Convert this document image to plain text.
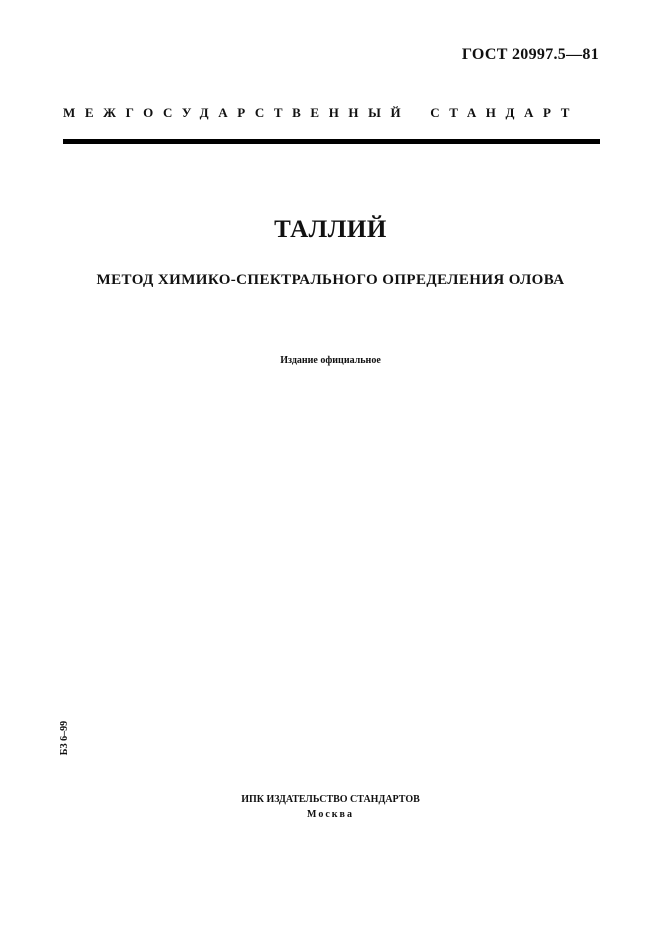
ГОСТ 20997.5—81
МЕЖГОСУДАРСТВЕННЫЙ СТАНДАРТ
ТАЛЛИЙ
МЕТОД ХИМИКО-СПЕКТРАЛЬНОГО ОПРЕДЕЛЕНИЯ ОЛОВА
Издание официальное
БЗ 6–99
ИПК ИЗДАТЕЛЬСТВО СТАНДАРТОВ
Москва
